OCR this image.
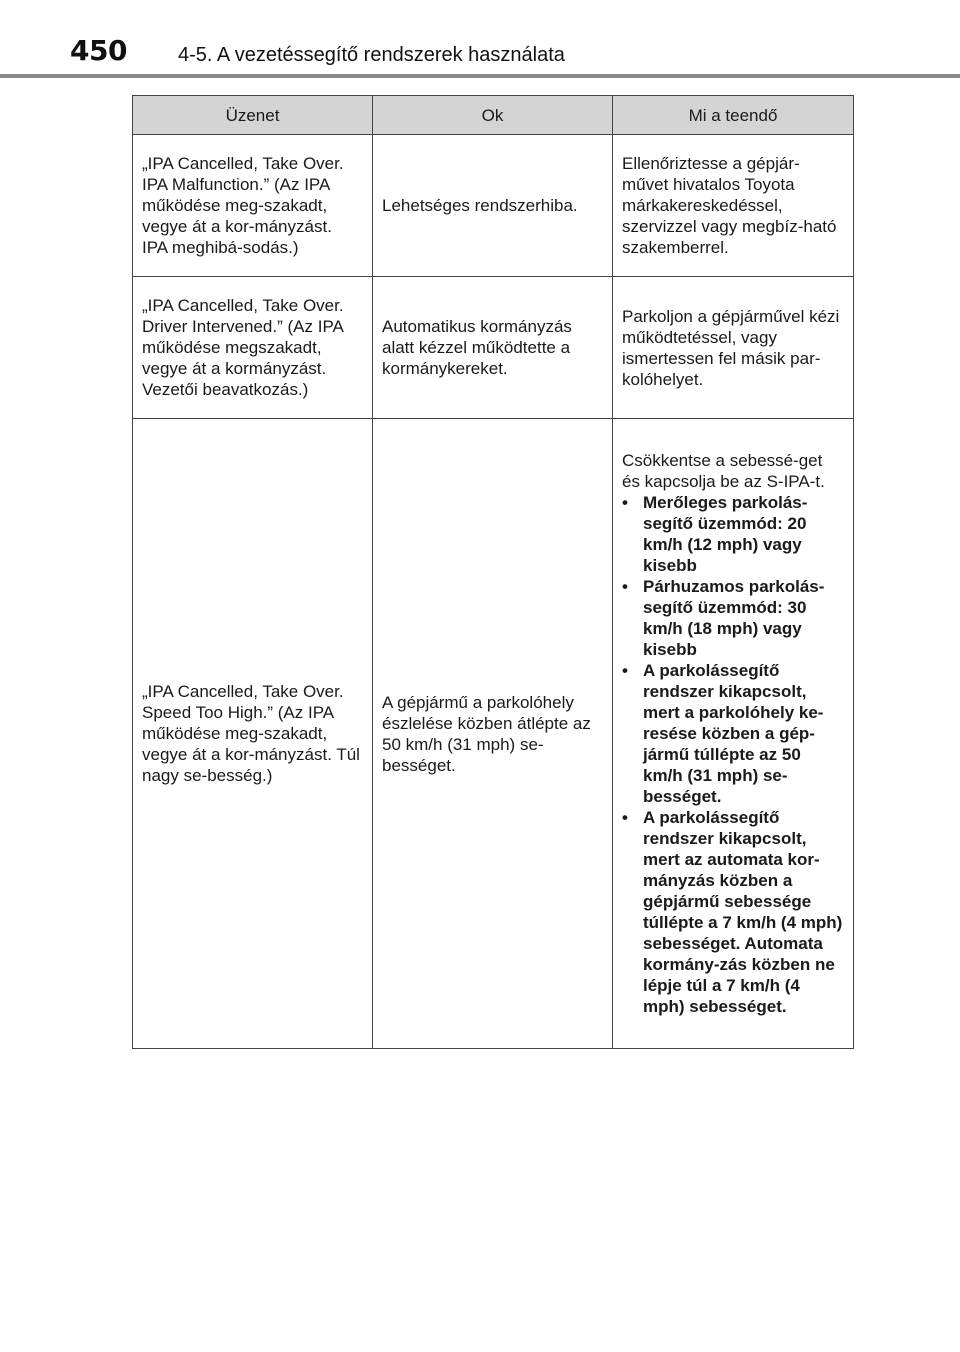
450	4-5. A vezetéssegítő rendszerek használata
Üzenet	Ok	Mi a teendő
„IPA Cancelled, Take Over. IPA Malfunction.” (Az IPA működése meg-szakadt, vegye át a kor-mányzást. IPA meghibá-sodás.)	Lehetséges rendszerhiba.	Ellenőriztesse a gépjár-művet hivatalos Toyota márkakereskedéssel, szervizzel vagy megbíz-ható szakemberrel.
„IPA Cancelled, Take Over. Driver Intervened.” (Az IPA működése megszakadt, vegye át a kormányzást. Vezetői beavatkozás.)	Automatikus kormányzás alatt kézzel működtette a kormánykereket.	Parkoljon a gépjárművel kézi működtetéssel, vagy ismertessen fel másik par-kolóhelyet.
„IPA Cancelled, Take Over. Speed Too High.” (Az IPA működése meg-szakadt, vegye át a kor-mányzást. Túl nagy se-besség.)	A gépjármű a parkolóhely észlelése közben átlépte az 50 km/h (31 mph) se-bességet.	Csökkentse a sebessé-get és kapcsolja be az S-IPA-t.

• Merőleges parkolás-segítő üzemmód: 20 km/h (12 mph) vagy kisebb

• Párhuzamos parkolás-segítő üzemmód: 30 km/h (18 mph) vagy kisebb

• A parkolássegítő rendszer kikapcsolt, mert a parkolóhely ke-resése közben a gép-jármű túllépte az 50 km/h (31 mph) se-bességet.

• A parkolássegítő rendszer kikapcsolt, mert az automata kor-mányzás közben a gépjármű sebessége túllépte a 7 km/h (4 mph) sebességet. Automata kormány-zás közben ne lépje túl a 7 km/h (4 mph) sebességet.
